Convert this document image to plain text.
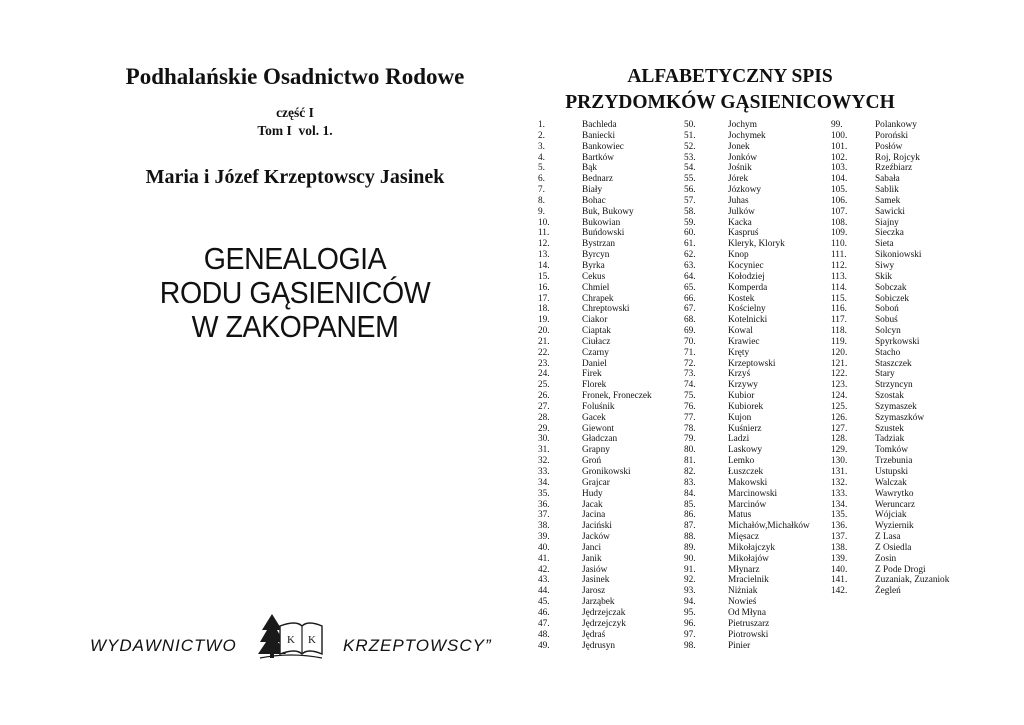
Podhalańskie Osadnictwo Rodowe
część I
Tom I  vol. 1.
Maria i Józef Krzeptowscy Jasinek
GENEALOGIA
RODU GĄSIENICÓW
W ZAKOPANEM
WYDAWNICTWO	K K KRZEPTOWSCY”
ALFABETYCZNY SPIS
PRZYDOMKÓW GĄSIENICOWYCH
1.	Bachleda
2.	Baniecki
3.	Bankowiec
4.	Bartków
5.	Bąk
6.	Bednarz
7.	Biały
8.	Bohac
9.	Buk, Bukowy
10.	Bukowian
11.	Buńdowski
12.	Bystrzan
13.	Byrcyn
14.	Byrka
15.	Cekus
16.	Chmiel
17.	Chrapek
18.	Chreptowski
19.	Ciakor
20.	Ciaptak
21.	Ciułacz
22.	Czarny
23.	Daniel
24.	Firek
25.	Florek
26.	Fronek, Froneczek
27.	Foluśnik
28.	Gacek
29.	Giewont
30.	Gładczan
31.	Grapny
32.	Groń
33.	Gronikowski
34.	Grajcar
35.	Hudy
36.	Jacak
37.	Jacina
38.	Jaciński
39.	Jacków
40.	Janci
41.	Janik
42.	Jasiów
43.	Jasinek
44.	Jarosz
45.	Jarząbek
46.	Jędrzejczak
47.	Jędrzejczyk
48.	Jędraś
49.	Jędrusyn
50.	Jochym
51.	Jochymek
52.	Jonek
53.	Jonków
54.	Jośnik
55.	Jórek
56.	Józkowy
57.	Juhas
58.	Julków
59.	Kacka
60.	Kaspruś
61.	Kleryk, Kloryk
62.	Knop
63.	Kocyniec
64.	Kołodziej
65.	Komperda
66.	Kostek
67.	Kościelny
68.	Kotelnicki
69.	Kowal
70.	Krawiec
71.	Kręty
72.	Krzeptowski
73.	Krzyś
74.	Krzywy
75.	Kubior
76.	Kubiorek
77.	Kujon
78.	Kuśnierz
79.	Ladzi
80.	Laskowy
81.	Lemko
82.	Łuszczek
83.	Makowski
84.	Marcinowski
85.	Marcinów
86.	Matus
87.	Michałów,Michałków
88.	Mięsacz
89.	Mikołajczyk
90.	Mikołajów
91.	Młynarz
92.	Mracielnik
93.	Niżniak
94.	Nowieś
95.	Od Młyna
96.	Pietruszarz
97.	Piotrowski
98.	Pinier
99.	Polankowy
100.	Poroński
101.	Posłów
102.	Roj, Rojcyk
103.	Rzeźbiarz
104.	Sabała
105.	Sablik
106.	Samek
107.	Sawicki
108.	Siajny
109.	Sieczka
110.	Sieta
111.	Sikoniowski
112.	Siwy
113.	Skik
114.	Sobczak
115.	Sobiczek
116.	Soboń
117.	Sobuś
118.	Solcyn
119.	Spyrkowski
120.	Stacho
121.	Staszczek
122.	Stary
123.	Strzyncyn
124.	Szostak
125.	Szymaszek
126.	Szymaszków
127.	Szustek
128.	Tadziak
129.	Tomków
130.	Trzebunia
131.	Ustupski
132.	Walczak
133.	Wawrytko
134.	Weruncarz
135.	Wójciak
136.	Wyziernik
137.	Z Lasa
138.	Z Osiedla
139.	Zosin
140.	Z Pode Drogi
141.	Zuzaniak, Zuzaniok
142.	Żegleń
